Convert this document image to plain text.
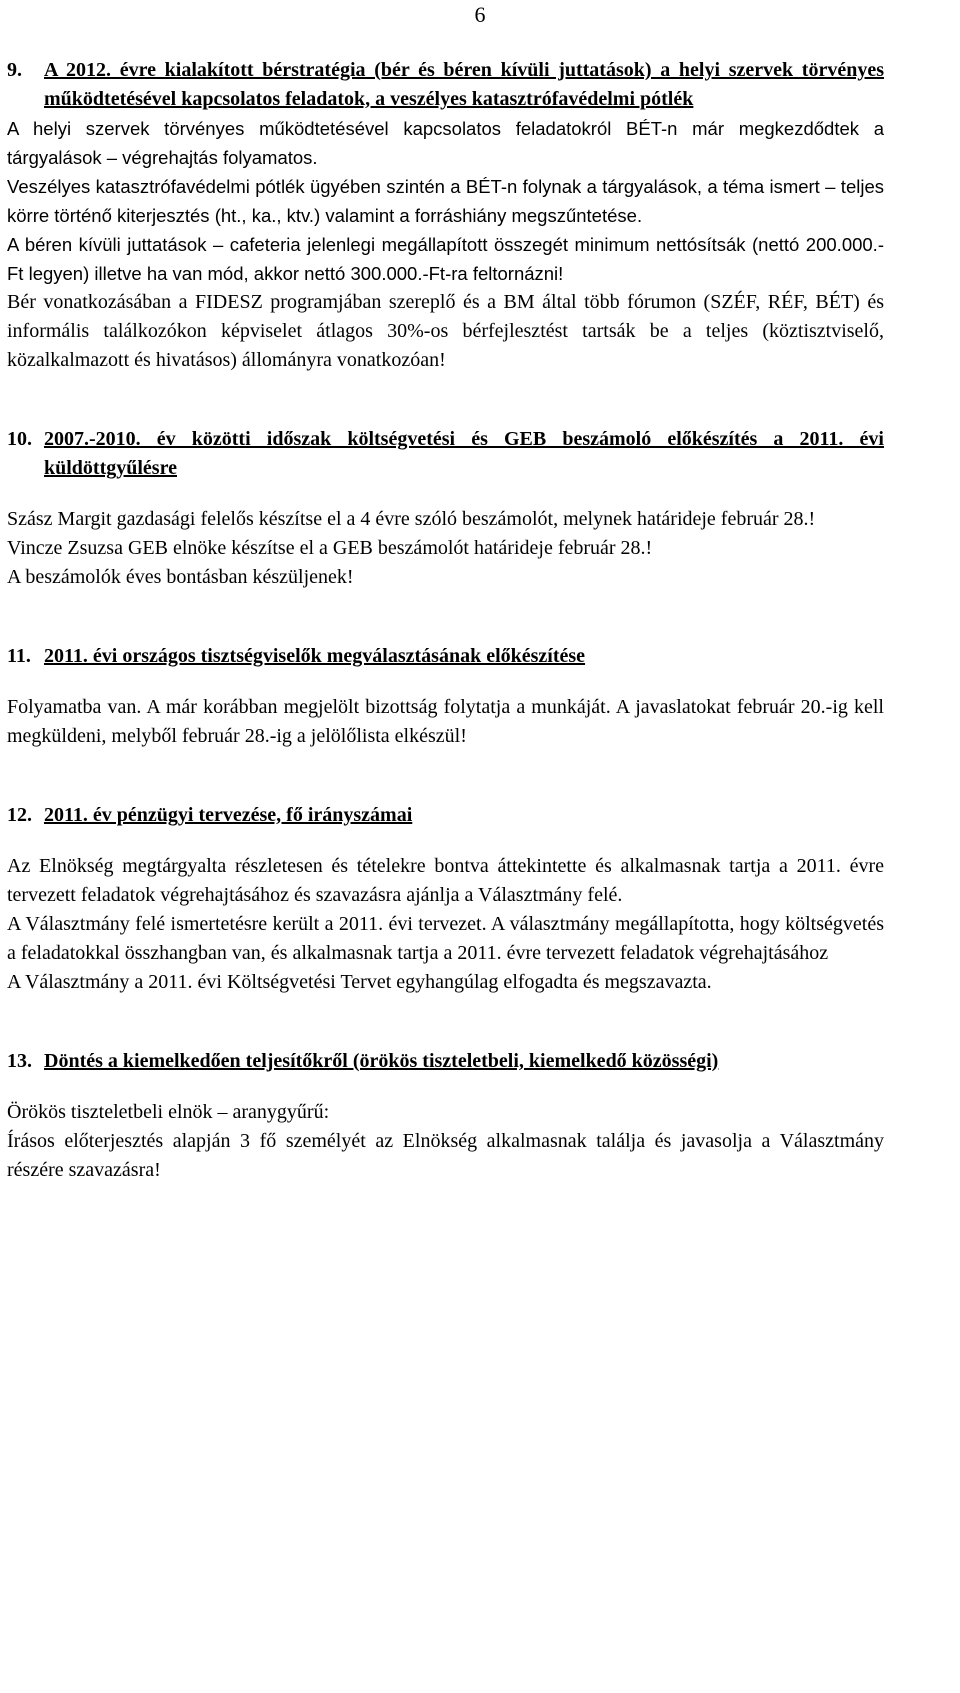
6
9.	A 2012. évre kialakított bérstratégia (bér és béren kívüli juttatások) a helyi szervek törvényes működtetésével kapcsolatos feladatok, a veszélyes katasztrófavédelmi pótlék

A helyi szervek törvényes működtetésével kapcsolatos feladatokról BÉT-n már megkezdődtek a tárgyalások – végrehajtás folyamatos.

Veszélyes katasztrófavédelmi pótlék ügyében szintén a BÉT-n folynak a tárgyalások, a téma ismert – teljes körre történő kiterjesztés (ht., ka., ktv.) valamint a forráshiány megszűntetése.

A béren kívüli juttatások – cafeteria jelenlegi megállapított összegét minimum nettósítsák (nettó 200.000.-Ft legyen) illetve ha van mód, akkor nettó 300.000.-Ft-ra feltornázni!

Bér vonatkozásában a FIDESZ programjában szereplő és a BM által több fórumon (SZÉF, RÉF, BÉT) és informális találkozókon képviselet átlagos 30%-os bérfejlesztést tartsák be a teljes (köztisztviselő, közalkalmazott és hivatásos) állományra vonatkozóan!

10. 2007.-2010. év közötti időszak költségvetési és GEB beszámoló előkészítés a 2011. évi küldöttgyűlésre

Szász Margit gazdasági felelős készítse el a 4 évre szóló beszámolót, melynek határideje február 28.!

Vincze Zsuzsa GEB elnöke készítse el a GEB beszámolót határideje február 28.!

A beszámolók éves bontásban készüljenek!

11. 2011. évi országos tisztségviselők megválasztásának előkészítése

Folyamatba van. A már korábban megjelölt bizottság folytatja a munkáját. A javaslatokat február 20.-ig kell megküldeni, melyből február 28.-ig a jelölőlista elkészül!

12. 2011. év pénzügyi tervezése, fő irányszámai

Az Elnökség megtárgyalta részletesen és tételekre bontva áttekintette és alkalmasnak tartja a 2011. évre tervezett feladatok végrehajtásához és szavazásra ajánlja a Választmány felé.

A Választmány felé ismertetésre került a 2011. évi tervezet. A választmány megállapította, hogy költségvetés a feladatokkal összhangban van, és alkalmasnak tartja a 2011. évre tervezett feladatok végrehajtásához

A Választmány a 2011. évi Költségvetési Tervet egyhangúlag elfogadta és megszavazta.

13. Döntés a kiemelkedően teljesítőkről (örökös tiszteletbeli, kiemelkedő közösségi)

Örökös tiszteletbeli elnök – aranygyűrű:

Írásos előterjesztés alapján 3 fő személyét az Elnökség alkalmasnak találja és javasolja a Választmány részére szavazásra!
